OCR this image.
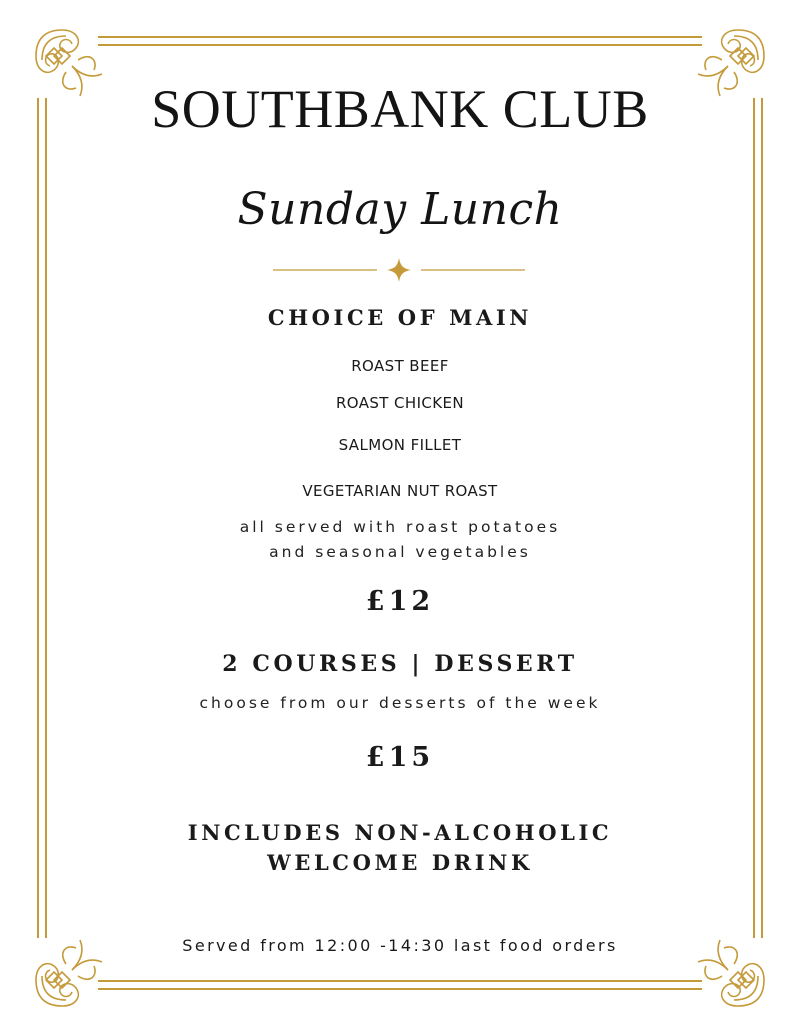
SOUTHBANK CLUB
Sunday Lunch
CHOICE OF MAIN
ROAST BEEF
ROAST CHICKEN
SALMON FILLET
VEGETARIAN NUT ROAST
all served with roast potatoes
and seasonal vegetables
£12
2 COURSES | DESSERT
choose from our desserts of the week
£15
INCLUDES NON-ALCOHOLIC
WELCOME DRINK
Served from 12:00 -14:30 last food orders
